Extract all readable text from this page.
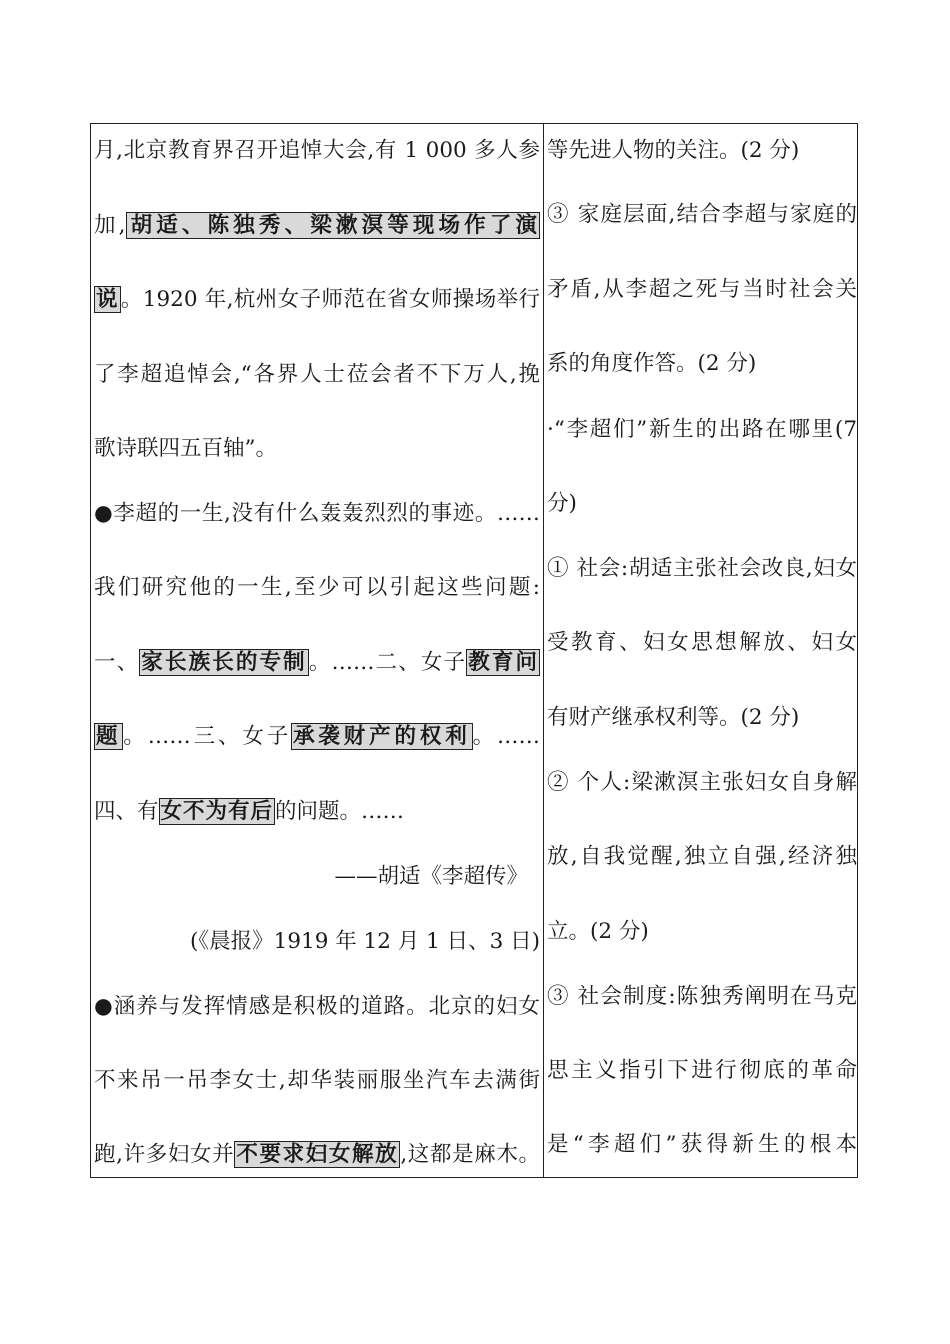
月,北京教育界召开追悼大会,有 1 000 多人参
加,胡适、陈独秀、梁漱溟等现场作了演
说。1920 年,杭州女子师范在省女师操场举行
了李超追悼会,“各界人士莅会者不下万人,挽
歌诗联四五百轴”。
●李超的一生,没有什么轰轰烈烈的事迹。……
我们研究他的一生,至少可以引起这些问题:
一、家长族长的专制。……二、女子教育问
题。……三、女子承袭财产的权利。……
四、有女不为有后的问题。……
——胡适《李超传》
(《晨报》1919 年 12 月 1 日、3 日)
●涵养与发挥情感是积极的道路。北京的妇女
不来吊一吊李女士,却华装丽服坐汽车去满街
跑,许多妇女并不要求妇女解放,这都是麻木。
等先进人物的关注。(2 分)
③ 家庭层面,结合李超与家庭的
矛盾,从李超之死与当时社会关
系的角度作答。(2 分)
·“李超们”新生的出路在哪里(7
分)
① 社会:胡适主张社会改良,妇女
受教育、妇女思想解放、妇女
有财产继承权利等。(2 分)
② 个人:梁漱溟主张妇女自身解
放,自我觉醒,独立自强,经济独
立。(2 分)
③ 社会制度:陈独秀阐明在马克
思主义指引下进行彻底的革命
是“李超们”获得新生的根本
